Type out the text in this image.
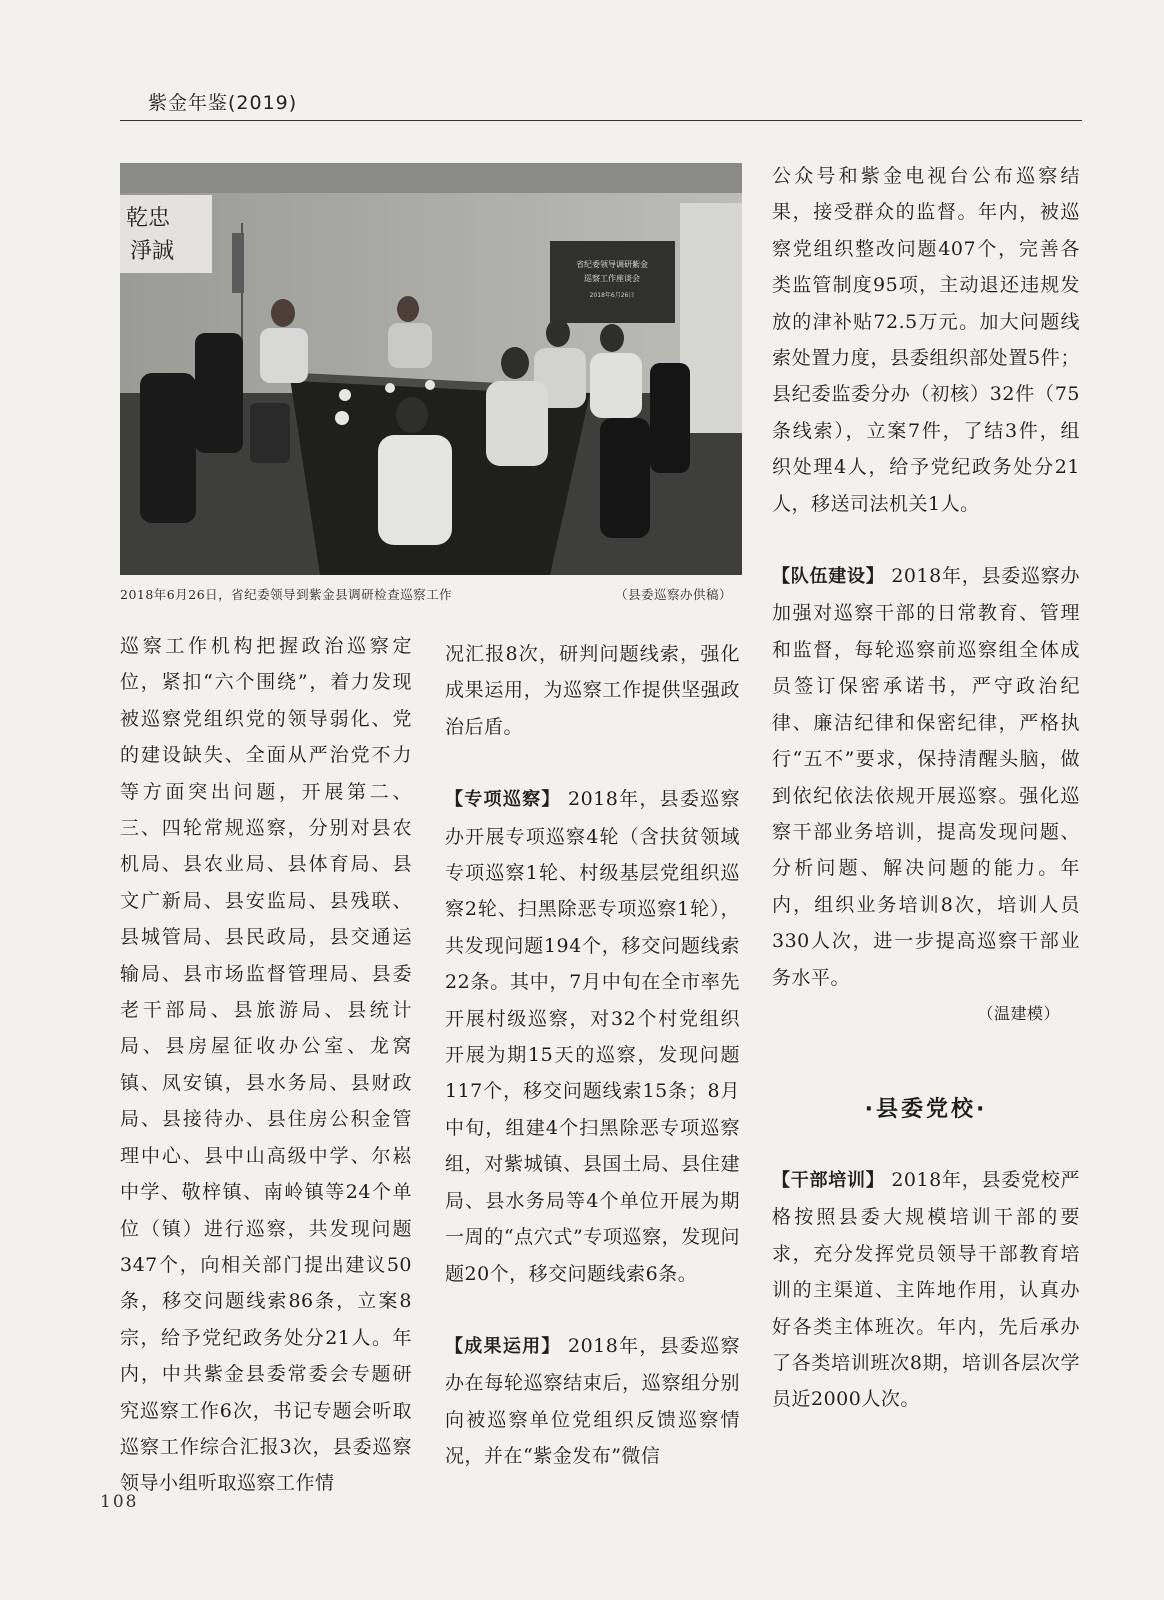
紫金年鉴(2019)
乾忠
淨誠
省纪委领导调研紫金
巡察工作座谈会
2018年6月26日
2018年6月26日，省纪委领导到紫金县调研检查巡察工作	（县委巡察办供稿）

巡察工作机构把握政治巡察定位，紧扣“六个围绕”，着力发现被巡察党组织党的领导弱化、党的建设缺失、全面从严治党不力等方面突出问题，开展第二、三、四轮常规巡察，分别对县农机局、县农业局、县体育局、县文广新局、县安监局、县残联、县城管局、县民政局，县交通运输局、县市场监督管理局、县委老干部局、县旅游局、县统计局、县房屋征收办公室、龙窝镇、凤安镇，县水务局、县财政局、县接待办、县住房公积金管理中心、县中山高级中学、尔崧中学、敬梓镇、南岭镇等24个单位（镇）进行巡察，共发现问题347个，向相关部门提出建议50条，移交问题线索86条，立案8宗，给予党纪政务处分21人。年内，中共紫金县委常委会专题研究巡察工作6次，书记专题会听取巡察工作综合汇报3次，县委巡察领导小组听取巡察工作情

况汇报8次，研判问题线索，强化成果运用，为巡察工作提供坚强政治后盾。

【专项巡察】 2018年，县委巡察办开展专项巡察4轮（含扶贫领域专项巡察1轮、村级基层党组织巡察2轮、扫黑除恶专项巡察1轮），共发现问题194个，移交问题线索22条。其中，7月中旬在全市率先开展村级巡察，对32个村党组织开展为期15天的巡察，发现问题117个，移交问题线索15条；8月中旬，组建4个扫黑除恶专项巡察组，对紫城镇、县国土局、县住建局、县水务局等4个单位开展为期一周的“点穴式”专项巡察，发现问题20个，移交问题线索6条。

【成果运用】 2018年，县委巡察办在每轮巡察结束后，巡察组分别向被巡察单位党组织反馈巡察情况，并在“紫金发布”微信

公众号和紫金电视台公布巡察结果，接受群众的监督。年内，被巡察党组织整改问题407个，完善各类监管制度95项，主动退还违规发放的津补贴72.5万元。加大问题线索处置力度，县委组织部处置5件；县纪委监委分办（初核）32件（75条线索），立案7件，了结3件，组织处理4人，给予党纪政务处分21人，移送司法机关1人。

【队伍建设】 2018年，县委巡察办加强对巡察干部的日常教育、管理和监督，每轮巡察前巡察组全体成员签订保密承诺书，严守政治纪律、廉洁纪律和保密纪律，严格执行“五不”要求，保持清醒头脑，做到依纪依法依规开展巡察。强化巡察干部业务培训，提高发现问题、分析问题、解决问题的能力。年内，组织业务培训8次，培训人员330人次，进一步提高巡察干部业务水平。

（温建模）

·县委党校·

【干部培训】 2018年，县委党校严格按照县委大规模培训干部的要求，充分发挥党员领导干部教育培训的主渠道、主阵地作用，认真办好各类主体班次。年内，先后承办了各类培训班次8期，培训各层次学员近2000人次。

108
